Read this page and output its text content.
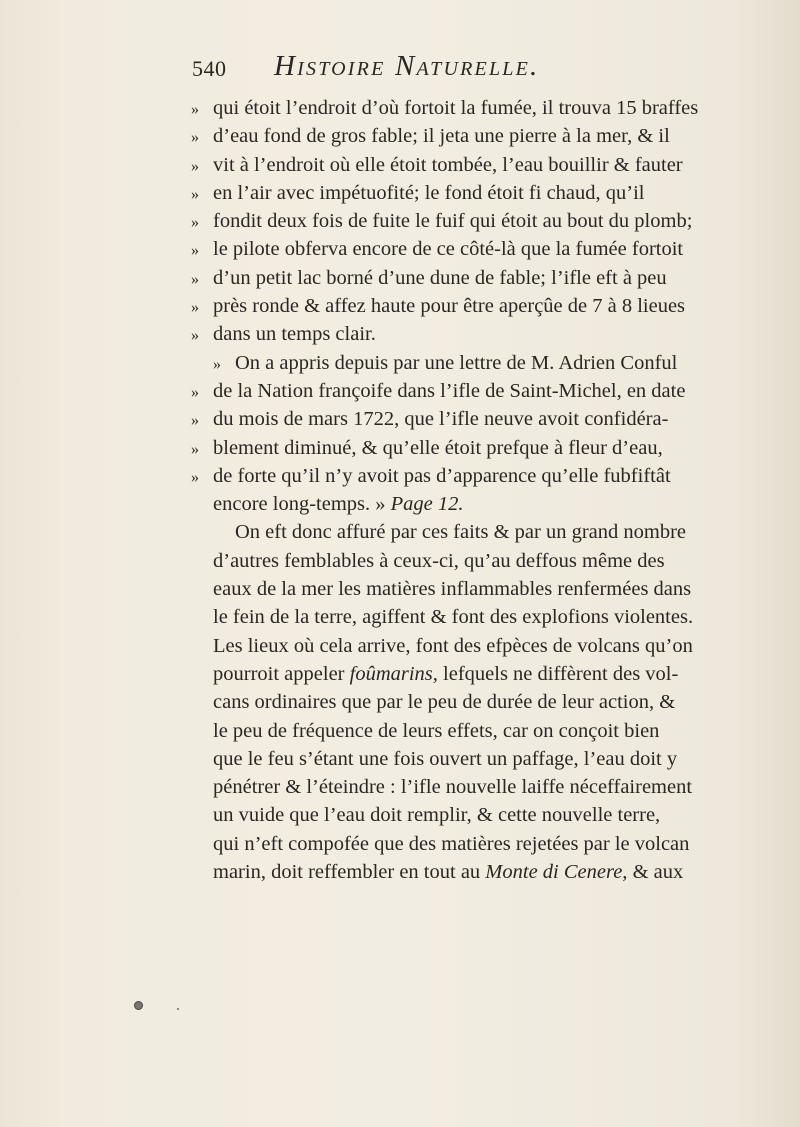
540 Histoire Naturelle.
» qui étoit l’endroit d’où fortoit la fumée, il trouva 15 braffes
» d’eau fond de gros fable; il jeta une pierre à la mer, & il
» vit à l’endroit où elle étoit tombée, l’eau bouillir & fauter
» en l’air avec impétuofité; le fond étoit fi chaud, qu’il
» fondit deux fois de fuite le fuif qui étoit au bout du plomb;
» le pilote obferva encore de ce côté-là que la fumée fortoit
» d’un petit lac borné d’une dune de fable; l’ifle eft à peu
» près ronde & affez haute pour être aperçûe de 7 à 8 lieues
» dans un temps clair.
» On a appris depuis par une lettre de M. Adrien Conful
» de la Nation françoife dans l’ifle de Saint-Michel, en date
» du mois de mars 1722, que l’ifle neuve avoit confidéra-
» blement diminué, & qu’elle étoit prefque à fleur d’eau,
» de forte qu’il n’y avoit pas d’apparence qu’elle fubfiftât
encore long-temps. » Page 12.
On eft donc affuré par ces faits & par un grand nombre
d’autres femblables à ceux-ci, qu’au deffous même des
eaux de la mer les matières inflammables renfermées dans
le fein de la terre, agiffent & font des explofions violentes.
Les lieux où cela arrive, font des efpèces de volcans qu’on
pourroit appeler foûmarins, lefquels ne diffèrent des vol-
cans ordinaires que par le peu de durée de leur action, &
le peu de fréquence de leurs effets, car on conçoit bien
que le feu s’étant une fois ouvert un paffage, l’eau doit y
pénétrer & l’éteindre : l’ifle nouvelle laiffe néceffairement
un vuide que l’eau doit remplir, & cette nouvelle terre,
qui n’eft compofée que des matières rejetées par le volcan
marin, doit reffembler en tout au Monte di Cenere, & aux
